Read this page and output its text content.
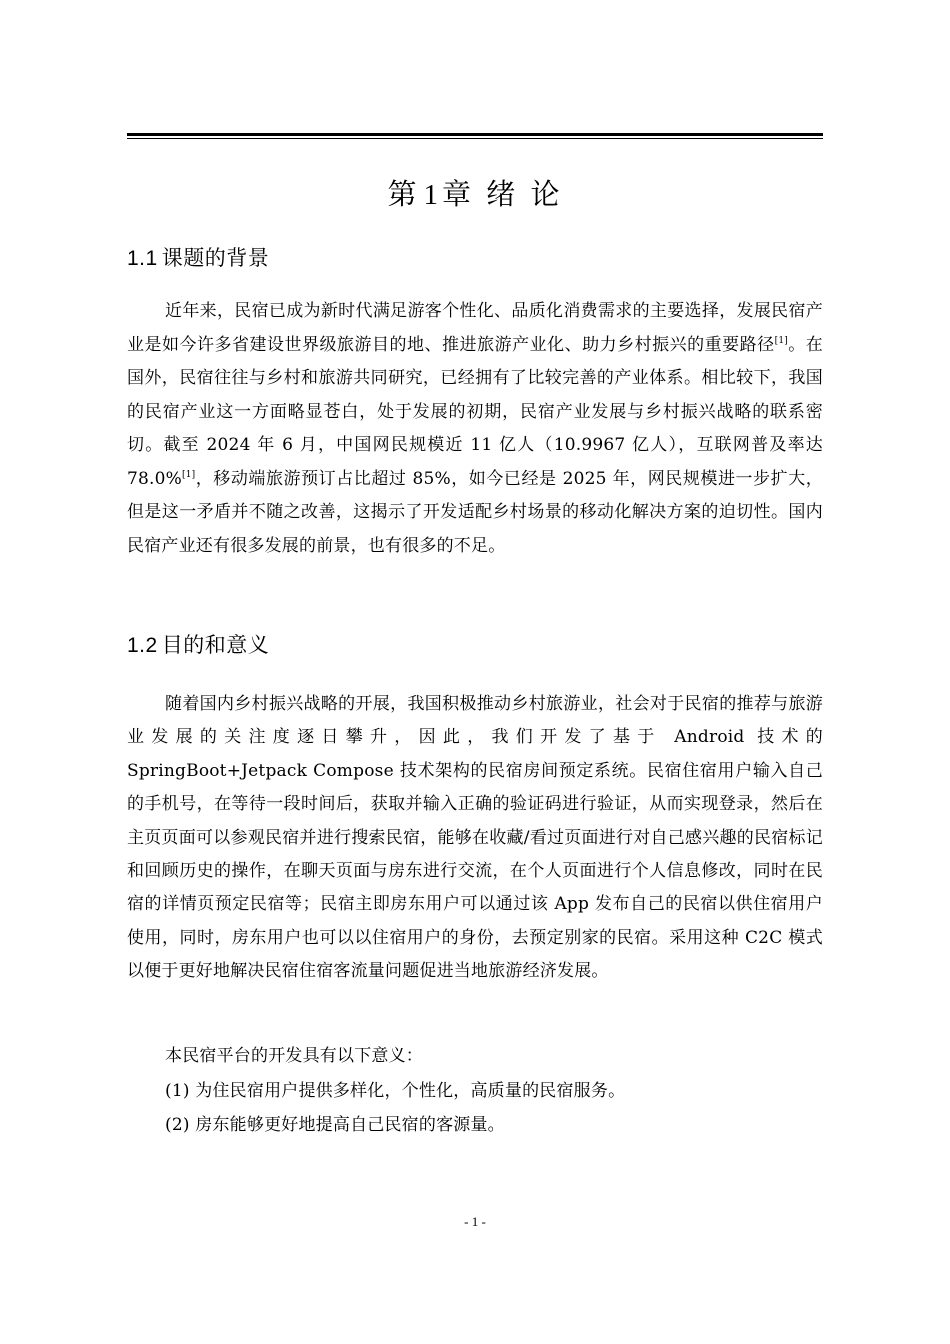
第 1 章 绪 论
1.1 课题的背景

近年来，民宿已成为新时代满足游客个性化、品质化消费需求的主要选择，发展民宿产业是如今许多省建设世界级旅游目的地、推进旅游产业化、助力乡村振兴的重要路径[1]。在国外，民宿往往与乡村和旅游共同研究，已经拥有了比较完善的产业体系。相比较下，我国的民宿产业这一方面略显苍白，处于发展的初期，民宿产业发展与乡村振兴战略的联系密切。截至 2024 年 6 月，中国网民规模近 11 亿人（10.9967 亿人），互联网普及率达 78.0%[1]，移动端旅游预订占比超过 85%，如今已经是 2025 年，网民规模进一步扩大，但是这一矛盾并不随之改善，这揭示了开发适配乡村场景的移动化解决方案的迫切性。国内民宿产业还有很多发展的前景，也有很多的不足。

1.2 目的和意义

随着国内乡村振兴战略的开展，我国积极推动乡村旅游业，社会对于民宿的推荐与旅游业发展的关注度逐日攀升，因此，我们开发了基于 Android 技术的 SpringBoot+Jetpack Compose 技术架构的民宿房间预定系统。民宿住宿用户输入自己的手机号，在等待一段时间后，获取并输入正确的验证码进行验证，从而实现登录，然后在主页页面可以参观民宿并进行搜索民宿，能够在收藏/看过页面进行对自己感兴趣的民宿标记和回顾历史的操作，在聊天页面与房东进行交流，在个人页面进行个人信息修改，同时在民宿的详情页预定民宿等；民宿主即房东用户可以通过该 App 发布自己的民宿以供住宿用户使用，同时，房东用户也可以以住宿用户的身份，去预定别家的民宿。采用这种 C2C 模式以便于更好地解决民宿住宿客流量问题促进当地旅游经济发展。

本民宿平台的开发具有以下意义：

(1) 为住民宿用户提供多样化，个性化，高质量的民宿服务。
(2) 房东能够更好地提高自己民宿的客源量。
- 1 -
